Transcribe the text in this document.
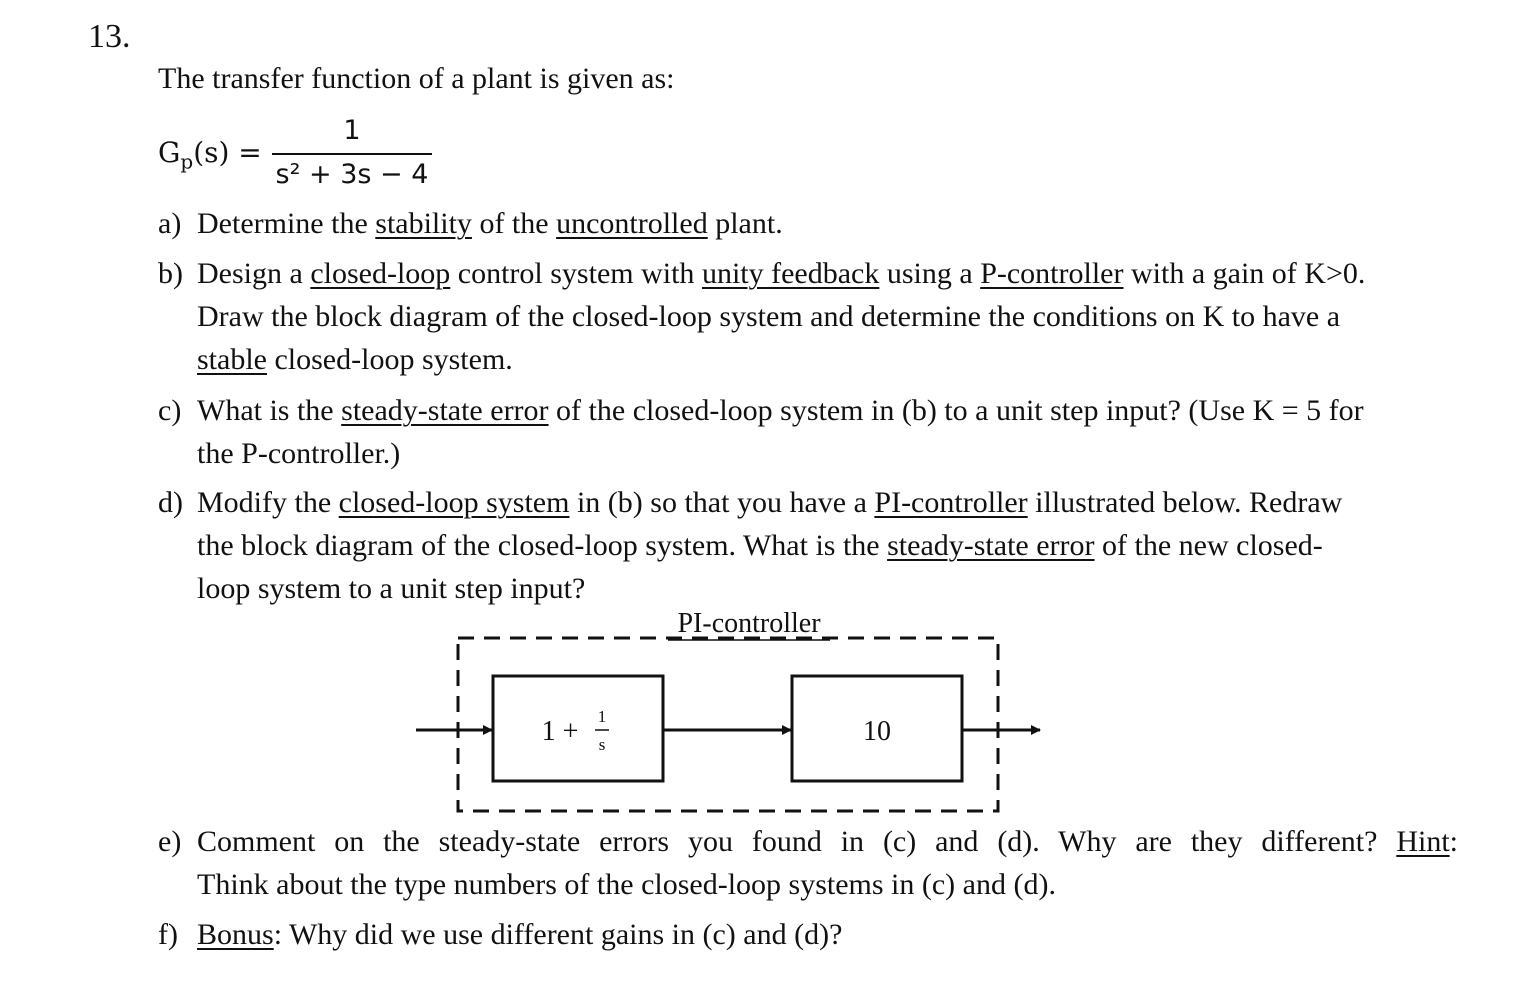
13.
The transfer function of a plant is given as:
$G_p(s)$ =
1
s² + 3s − 4
a) Determine the stability of the uncontrolled plant.
b) Design a closed-loop control system with unity feedback using a P-controller with a gain of K>0.
Draw the block diagram of the closed-loop system and determine the conditions on K to have a
stable closed-loop system.
c) What is the steady-state error of the closed-loop system in (b) to a unit step input? (Use K = 5 for
the P-controller.)
d) Modify the closed-loop system in (b) so that you have a PI-controller illustrated below. Redraw
the block diagram of the closed-loop system. What is the steady-state error of the new closed-
loop system to a unit step input?
PI-controller
1 + 1
s	10
e) Comment on the steady-state errors you found in (c) and (d). Why are they different? Hint:
Think about the type numbers of the closed-loop systems in (c) and (d).
f) Bonus: Why did we use different gains in (c) and (d)?
